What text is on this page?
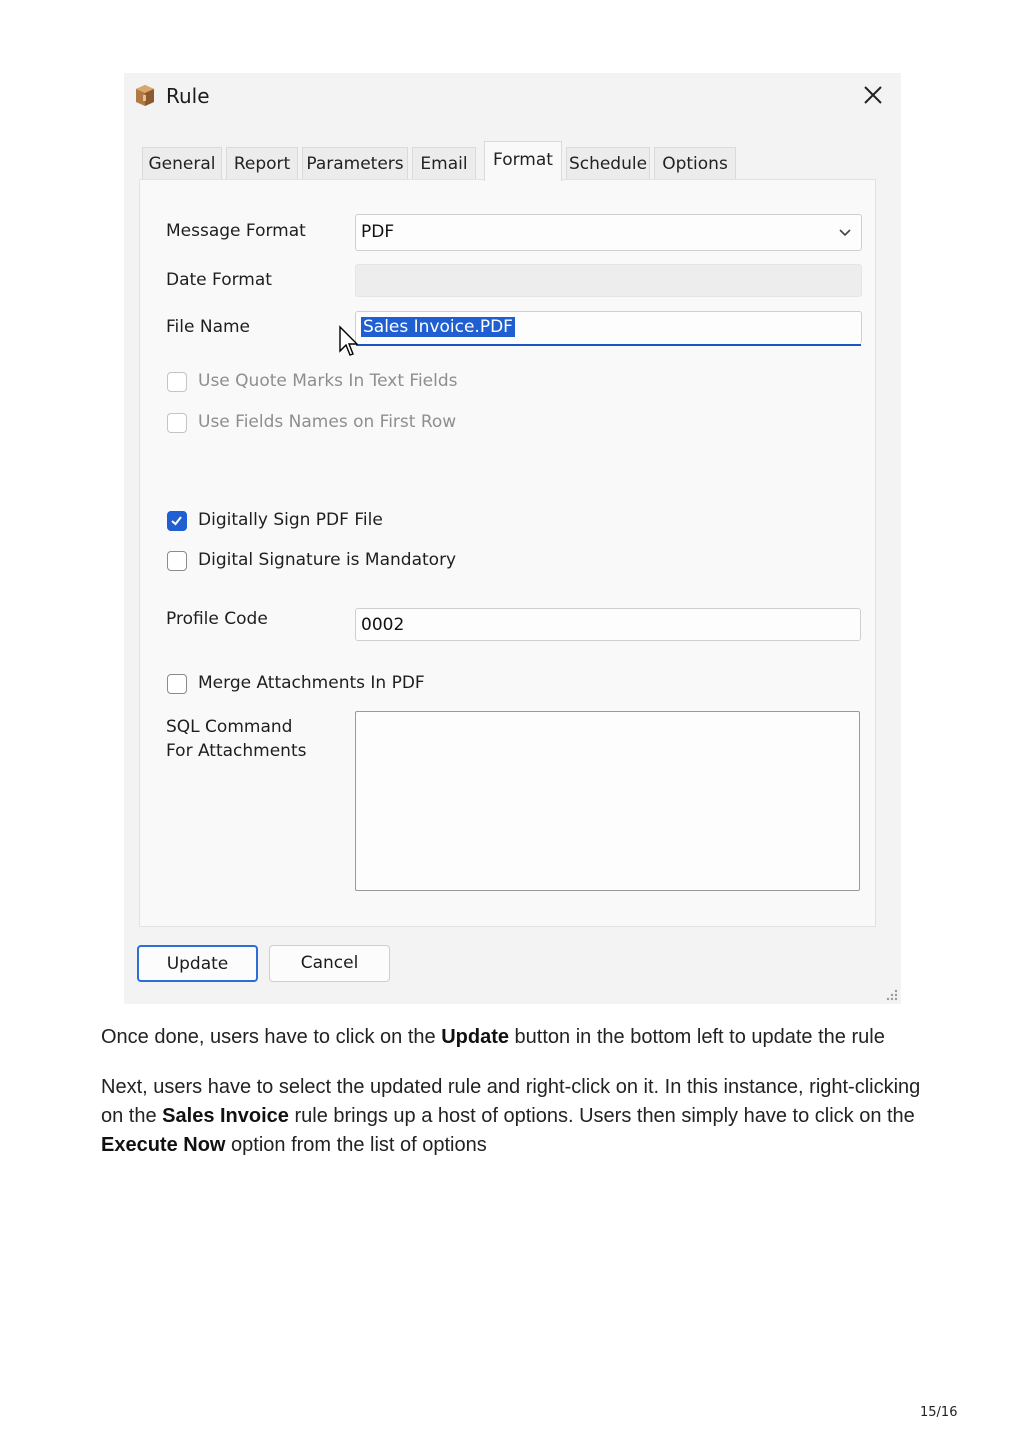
Rule
General	Report Parameters Email	Format Schedule Options
Message Format	PDF
Date Format
File Name	Sales Invoice.PDF
Use Quote Marks In Text Fields
Use Fields Names on First Row
Digitally Sign PDF File
Digital Signature is Mandatory
Profile Code	0002
Merge Attachments In PDF
SQL Command
For Attachments
Update	Cancel

Once done, users have to click on the Update button in the bottom left to update the rule

Next, users have to select the updated rule and right-click on it. In this instance, right-clicking on the Sales Invoice rule brings up a host of options. Users then simply have to click on the Execute Now option from the list of options

15/16
